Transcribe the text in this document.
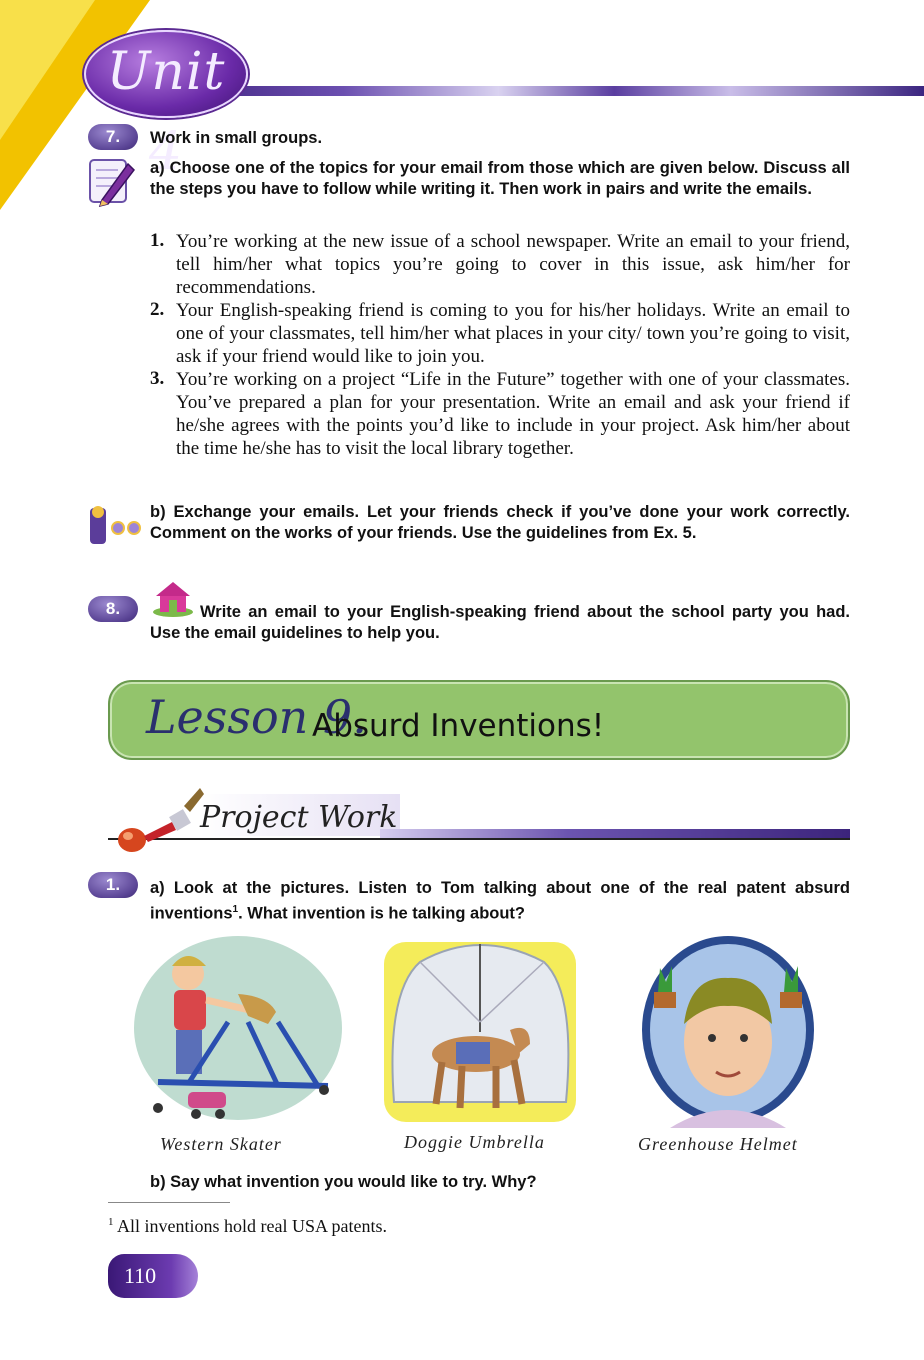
Unit 4
7.	Work in small groups.
a) Choose one of the topics for your email from those which are given below. Discuss all the steps you have to follow while writing it. Then work in pairs and write the emails.
1. You’re working at the new issue of a school newspaper. Write an email to your friend, tell him/her what topics you’re going to cover in this issue, ask him/her for recommendations.
2. Your English-speaking friend is coming to you for his/her holidays. Write an email to one of your classmates, tell him/her what places in your city/ town you’re going to visit, ask if your friend would like to join you.
3. You’re working on a project “Life in the Future” together with one of your classmates. You’ve prepared a plan for your presentation. Write an email and ask your friend if he/she agrees with the points you’d like to include in your project. Ask him/her about the time he/she has to visit the local library together.
b) Exchange your emails. Let your friends check if you’ve done your work correctly. Comment on the works of your friends. Use the guidelines from Ex. 5.
8.	Write an email to your English-speaking friend about the school party you had. Use the email guidelines to help you.
Lesson 9.
Absurd Inventions!
Project Work
1.	a) Look at the pictures. Listen to Tom talking about one of the real patent absurd inventions$^1$. What invention is he talking about?
Western Skater	Doggie Umbrella	Greenhouse Helmet
b) Say what invention you would like to try. Why?
$^1$ All inventions hold real USA patents.
110
